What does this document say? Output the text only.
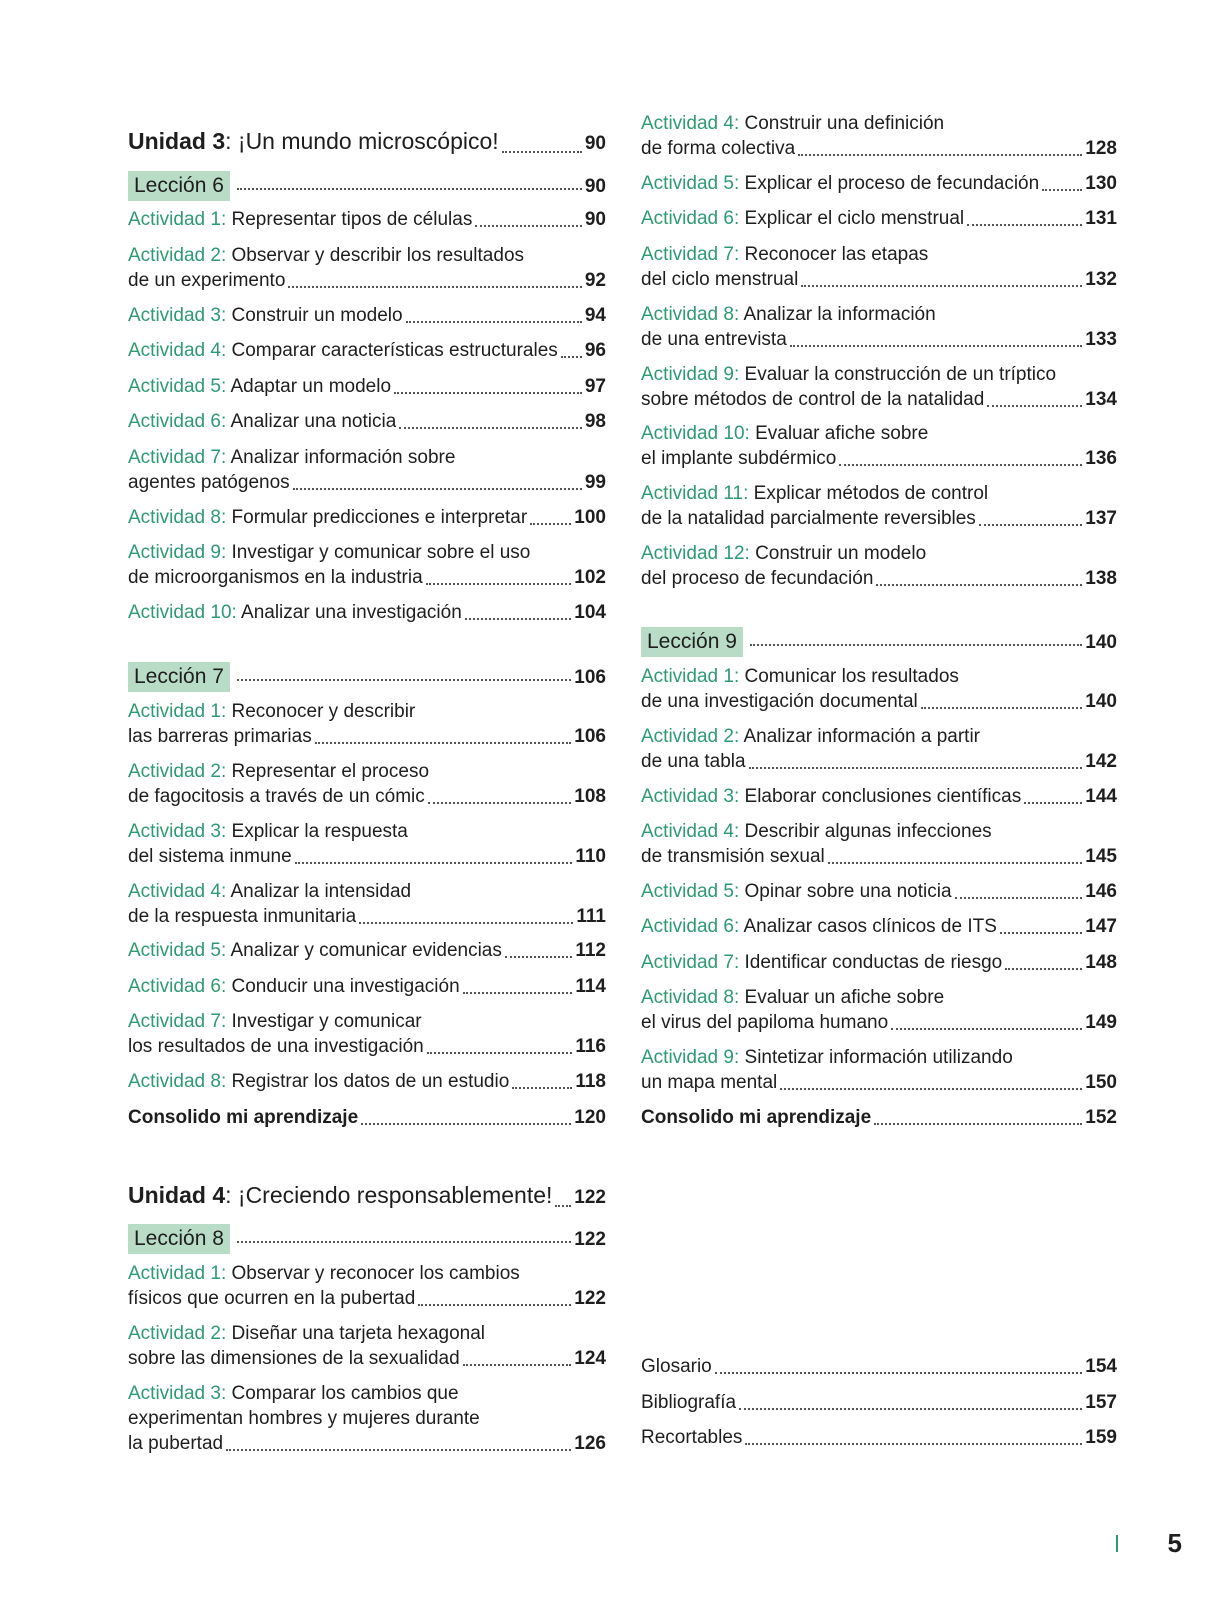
Unidad 3: ¡Un mundo microscópico!	90
Lección 6	90
Actividad 1: Representar tipos de células	90
Actividad 2: Observar y describir los resultados
de un experimento	92
Actividad 3: Construir un modelo	94
Actividad 4: Comparar características estructurales 96
Actividad 5: Adaptar un modelo	97
Actividad 6: Analizar una noticia	98
Actividad 7: Analizar información sobre
agentes patógenos	99
Actividad 8: Formular predicciones e interpretar 100
Actividad 9: Investigar y comunicar sobre el uso
de microorganismos en la industria	102
Actividad 10: Analizar una investigación	104
Lección 7	106
Actividad 1: Reconocer y describir
las barreras primarias	106
Actividad 2: Representar el proceso
de fagocitosis a través de un cómic	108
Actividad 3: Explicar la respuesta
del sistema inmune	110
Actividad 4: Analizar la intensidad
de la respuesta inmunitaria	111
Actividad 5: Analizar y comunicar evidencias	112
Actividad 6: Conducir una investigación	114
Actividad 7: Investigar y comunicar
los resultados de una investigación	116
Actividad 8: Registrar los datos de un estudio	118
Consolido mi aprendizaje	120
Unidad 4: ¡Creciendo responsablemente! 122
Lección 8	122
Actividad 1: Observar y reconocer los cambios
físicos que ocurren en la pubertad	122
Actividad 2: Diseñar una tarjeta hexagonal
sobre las dimensiones de la sexualidad	124
Actividad 3: Comparar los cambios que
experimentan hombres y mujeres durante
la pubertad	126
Actividad 4: Construir una definición
de forma colectiva	128
Actividad 5: Explicar el proceso de fecundación 130
Actividad 6: Explicar el ciclo menstrual	131
Actividad 7: Reconocer las etapas
del ciclo menstrual	132
Actividad 8: Analizar la información
de una entrevista	133
Actividad 9: Evaluar la construcción de un tríptico
sobre métodos de control de la natalidad	134
Actividad 10: Evaluar afiche sobre
el implante subdérmico	136
Actividad 11: Explicar métodos de control
de la natalidad parcialmente reversibles	137
Actividad 12: Construir un modelo
del proceso de fecundación	138
Lección 9	140
Actividad 1: Comunicar los resultados
de una investigación documental	140
Actividad 2: Analizar información a partir
de una tabla	142
Actividad 3: Elaborar conclusiones científicas	144
Actividad 4: Describir algunas infecciones
de transmisión sexual	145
Actividad 5: Opinar sobre una noticia	146
Actividad 6: Analizar casos clínicos de ITS	147
Actividad 7: Identificar conductas de riesgo	148
Actividad 8: Evaluar un afiche sobre
el virus del papiloma humano	149
Actividad 9: Sintetizar información utilizando
un mapa mental	150
Consolido mi aprendizaje	152
Glosario	154
Bibliografía	157
Recortables	159
5
